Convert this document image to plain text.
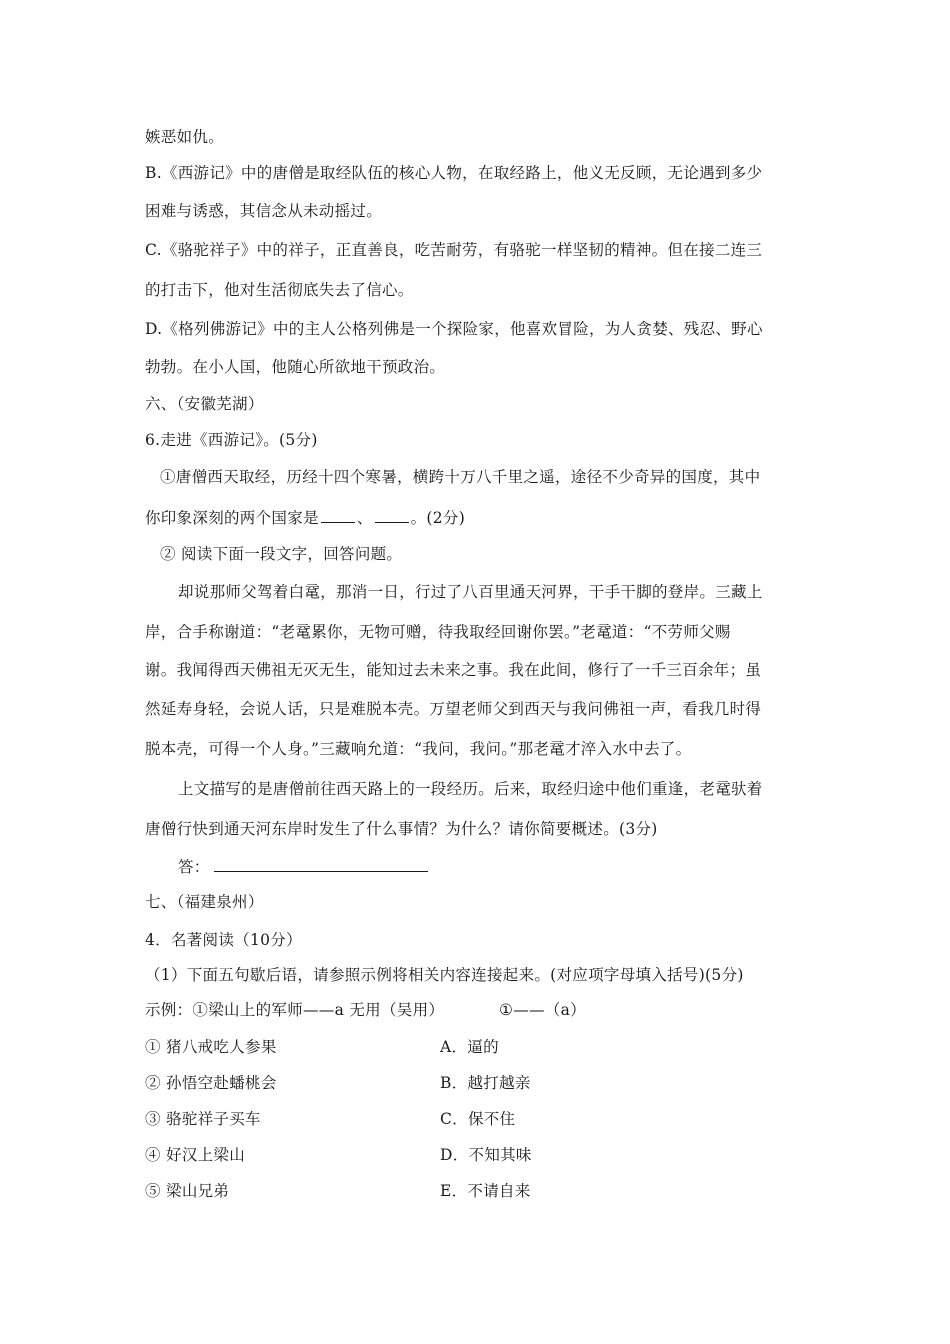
嫉恶如仇。
B.《西游记》中的唐僧是取经队伍的核心人物，在取经路上，他义无反顾，无论遇到多少
困难与诱惑，其信念从未动摇过。
C.《骆驼祥子》中的祥子，正直善良，吃苦耐劳，有骆驼一样坚韧的精神。但在接二连三
的打击下，他对生活彻底失去了信心。
D.《格列佛游记》中的主人公格列佛是一个探险家，他喜欢冒险，为人贪婪、残忍、野心
勃勃。在小人国，他随心所欲地干预政治。
六、（安徽芜湖）
6.走进《西游记》。(5分)
①唐僧西天取经，历经十四个寒暑，横跨十万八千里之遥，途径不少奇异的国度，其中
你印象深刻的两个国家是 、 。(2分)
② 阅读下面一段文字，回答问题。
却说那师父驾着白鼋，那消一日，行过了八百里通天河界，干手干脚的登岸。三藏上
岸，合手称谢道：“老鼋累你，无物可赠，待我取经回谢你罢。”老鼋道：“不劳师父赐
谢。我闻得西天佛祖无灭无生，能知过去未来之事。我在此间，修行了一千三百余年；虽
然延寿身轻，会说人话，只是难脱本壳。万望老师父到西天与我问佛祖一声，看我几时得
脱本壳，可得一个人身。”三藏响允道：“我问，我问。”那老鼋才淬入水中去了。
上文描写的是唐僧前往西天路上的一段经历。后来，取经归途中他们重逢，老鼋驮着
唐僧行快到通天河东岸时发生了什么事情？为什么？请你简要概述。(3分)
答：
七、（福建泉州）
4．名著阅读（10分）
（1）下面五句歇后语，请参照示例将相关内容连接起来。(对应项字母填入括号)(5分)
示例：①梁山上的军师——a 无用（吴用）	①——（a）
① 猪八戒吃人参果
② 孙悟空赴蟠桃会
③ 骆驼祥子买车
④ 好汉上梁山
⑤ 梁山兄弟
A．逼的
B．越打越亲
C．保不住
D．不知其味
E．不请自来
